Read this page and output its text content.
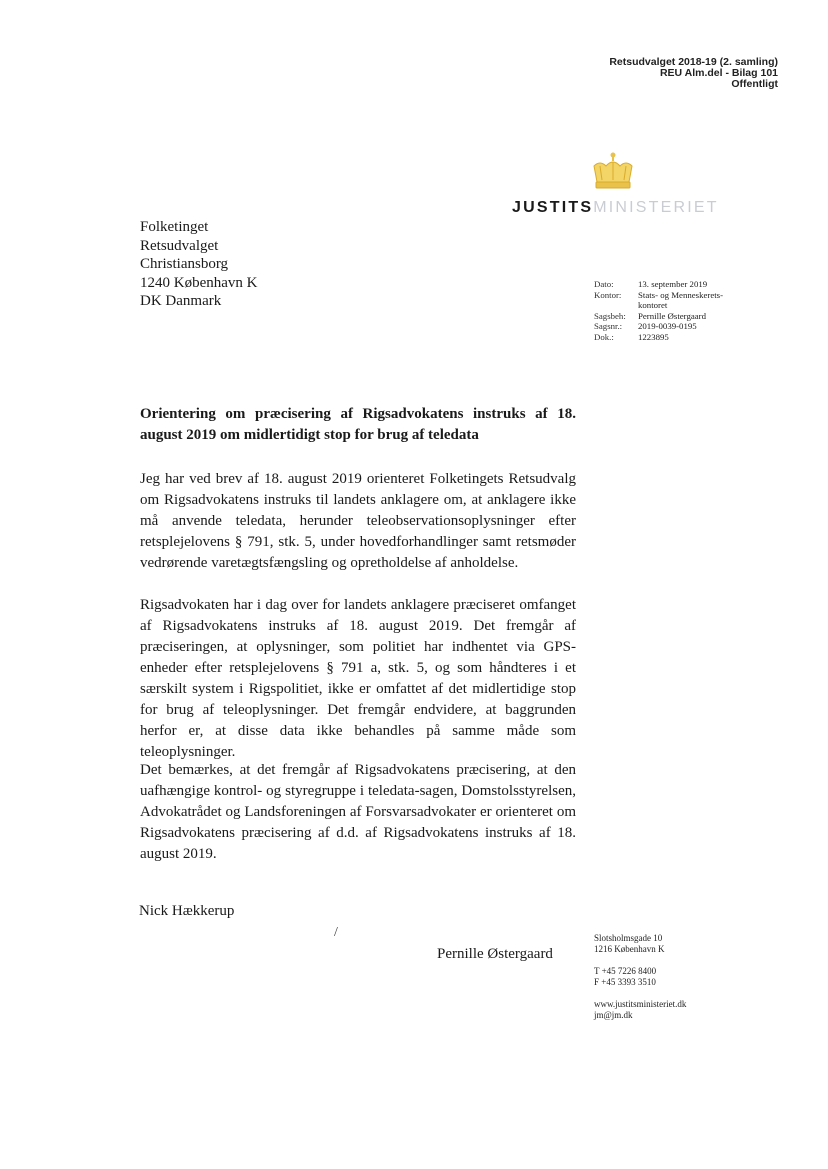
Retsudvalget 2018-19 (2. samling)
REU Alm.del - Bilag 101
Offentligt
JUSTITSMINISTERIET
Folketinget
Retsudvalget
Christiansborg
1240 København K
DK Danmark
Dato:	13. september 2019
Kontor:	Stats- og Menneskerets-kontoret
Sagsbeh:	Pernille Østergaard
Sagsnr.:	2019-0039-0195
Dok.:	1223895
Orientering om præcisering af Rigsadvokatens instruks af 18. august 2019 om midlertidigt stop for brug af teledata
Jeg har ved brev af 18. august 2019 orienteret Folketingets Retsudvalg om Rigsadvokatens instruks til landets anklagere om, at anklagere ikke må anvende teledata, herunder teleobservationsoplysninger efter retsplejelovens § 791, stk. 5, under hovedforhandlinger samt retsmøder vedrørende varetægtsfængsling og opretholdelse af anholdelse.
Rigsadvokaten har i dag over for landets anklagere præciseret omfanget af Rigsadvokatens instruks af 18. august 2019. Det fremgår af præciseringen, at oplysninger, som politiet har indhentet via GPS-enheder efter retsplejelovens § 791 a, stk. 5, og som håndteres i et særskilt system i Rigspolitiet, ikke er omfattet af det midlertidige stop for brug af teleoplysninger. Det fremgår endvidere, at baggrunden herfor er, at disse data ikke behandles på samme måde som teleoplysninger.
Det bemærkes, at det fremgår af Rigsadvokatens præcisering, at den uafhængige kontrol- og styregruppe i teledata-sagen, Domstolsstyrelsen, Advokatrådet og Landsforeningen af Forsvarsadvokater er orienteret om Rigsadvokatens præcisering af d.d. af Rigsadvokatens instruks af 18. august 2019.
Nick Hækkerup
/
Pernille Østergaard
Slotsholmsgade 10
1216 København K
T +45 7226 8400
F +45 3393 3510
www.justitsministeriet.dk
jm@jm.dk
